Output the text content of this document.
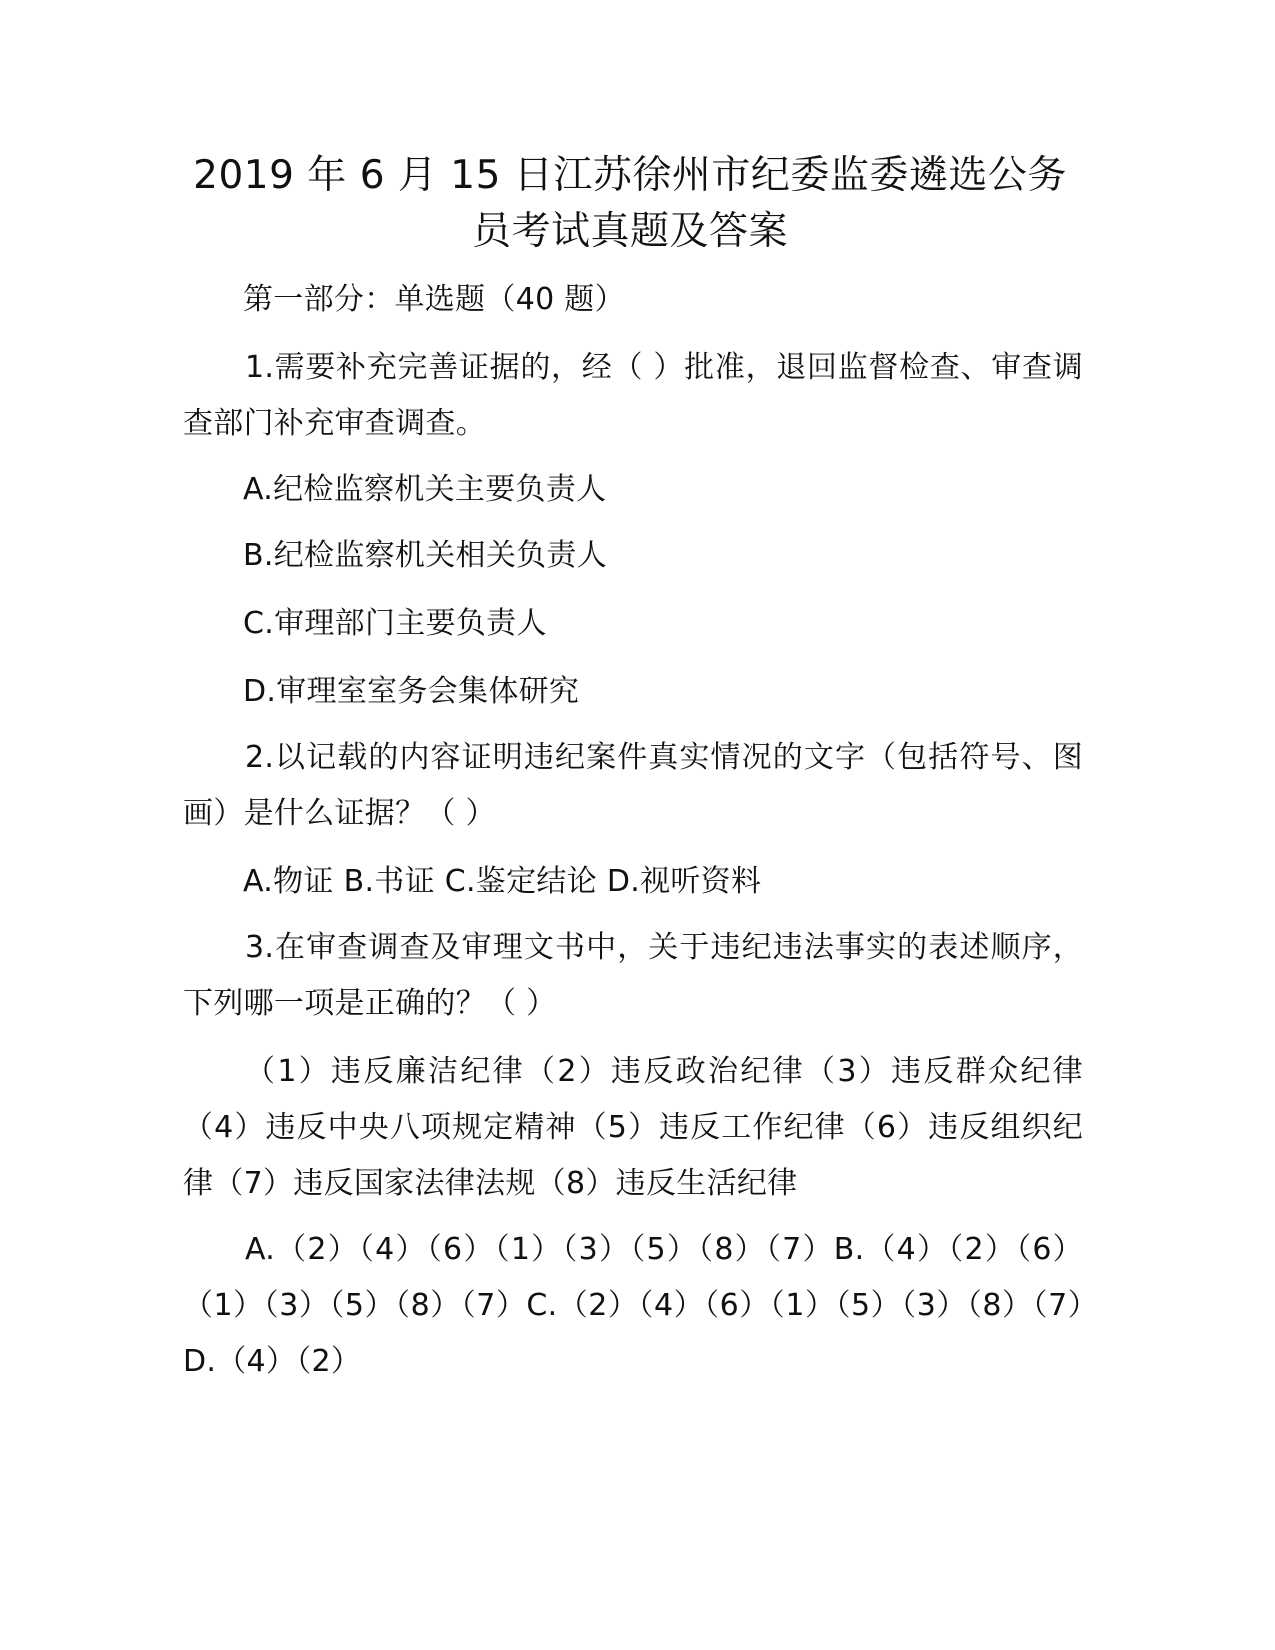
2019 年 6 月 15 日江苏徐州市纪委监委遴选公务
员考试真题及答案
第一部分：单选题（40 题）

1.需要补充完善证据的，经（ ）批准，退回监督检查、审查调查部门补充审查调查。

A.纪检监察机关主要负责人
B.纪检监察机关相关负责人
C.审理部门主要负责人
D.审理室室务会集体研究

2.以记载的内容证明违纪案件真实情况的文字（包括符号、图画）是什么证据？（ ）

A.物证 B.书证 C.鉴定结论 D.视听资料

3.在审查调查及审理文书中，关于违纪违法事实的表述顺序，下列哪一项是正确的？（ ）

（1）违反廉洁纪律（2）违反政治纪律（3）违反群众纪律 （4）违反中央八项规定精神（5）违反工作纪律（6）违反组织纪律（7）违反国家法律法规（8）违反生活纪律

A.（2）（4）（6）（1）（3）（5）（8）（7）B.（4）（2）（6）（1）（3）（5）（8）（7）C.（2）（4）（6）（1）（5）（3）（8）（7）D.（4）（2）
